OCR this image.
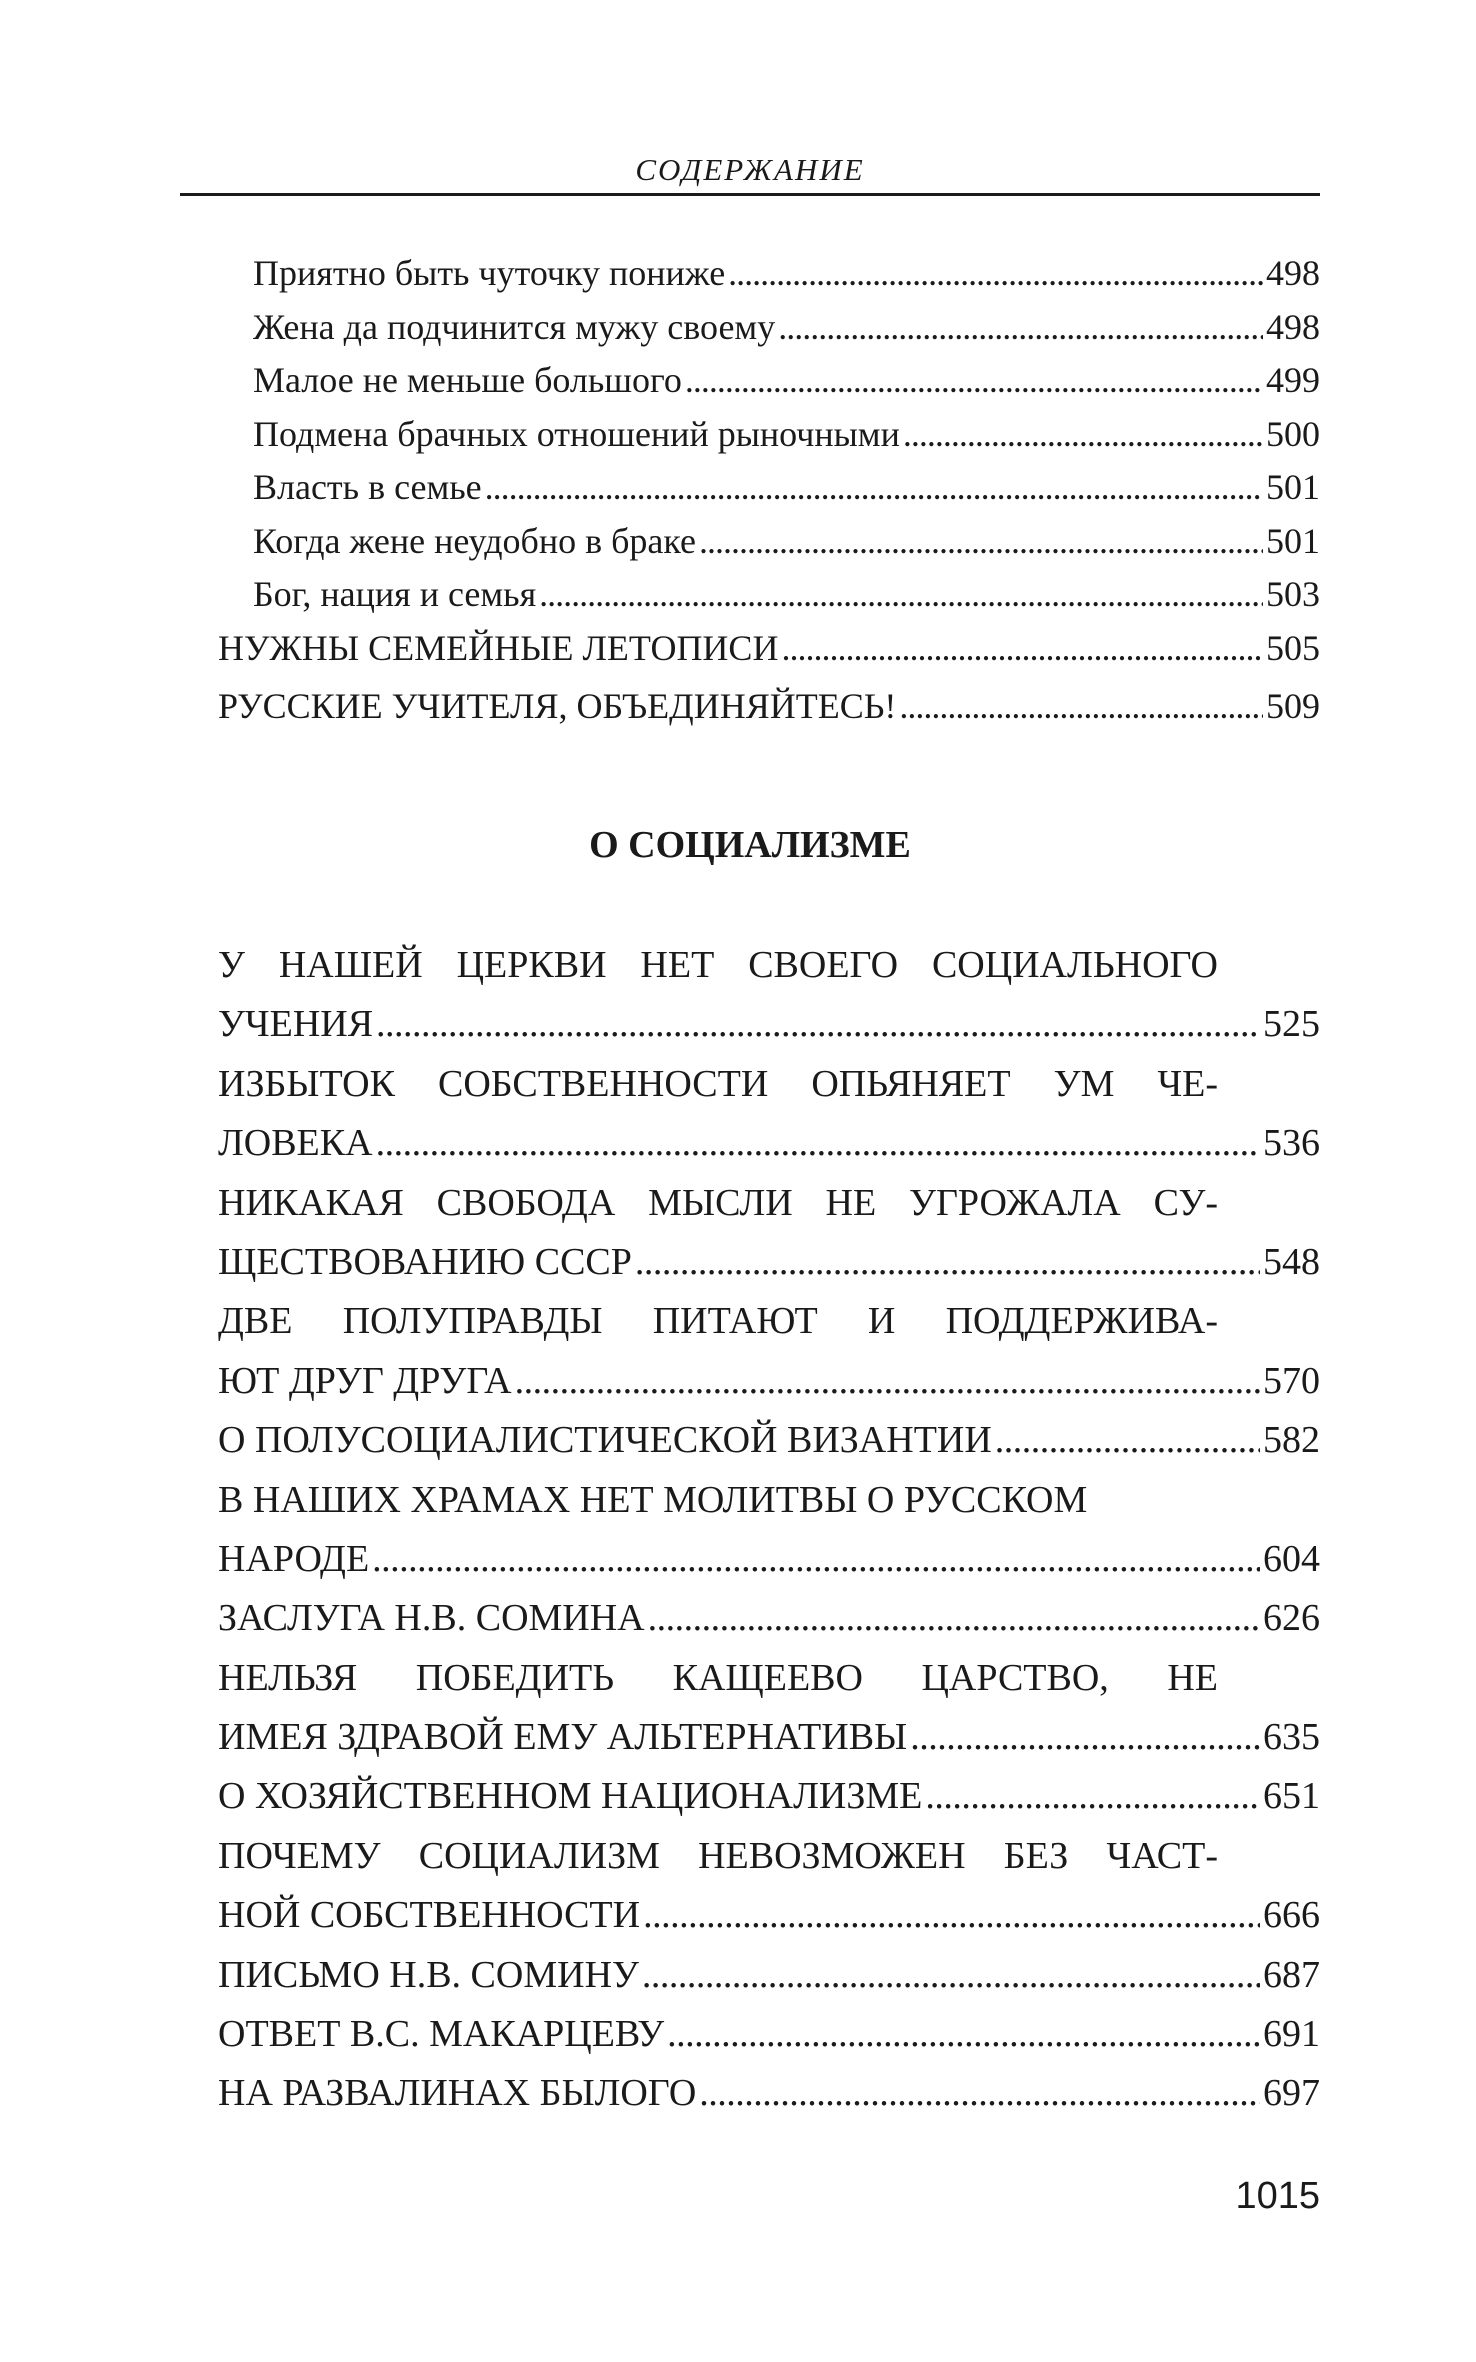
СОДЕРЖАНИЕ
Приятно быть чуточку пониже . . .	498
Жена да подчинится мужу своему . . .	498
Малое не меньше большого . . .	499
Подмена брачных отношений рыночными . . .	500
Власть в семье . . .	501
Когда жене неудобно в браке . . .	501
Бог, нация и семья . . .	503
НУЖНЫ СЕМЕЙНЫЕ ЛЕТОПИСИ . . .	505
РУССКИЕ УЧИТЕЛЯ, ОБЪЕДИНЯЙТЕСЬ! . . .	509
О СОЦИАЛИЗМЕ
У НАШЕЙ ЦЕРКВИ НЕТ СВОЕГО СОЦИАЛЬНОГО
УЧЕНИЯ . . .	525
ИЗБЫТОК СОБСТВЕННОСТИ ОПЬЯНЯЕТ УМ ЧЕ-
ЛОВЕКА . . .	536
НИКАКАЯ СВОБОДА МЫСЛИ НЕ УГРОЖАЛА СУ-
ЩЕСТВОВАНИЮ СССР . . .	548
ДВЕ ПОЛУПРАВДЫ ПИТАЮТ И ПОДДЕРЖИВА-
ЮТ ДРУГ ДРУГА . . .	570
О ПОЛУСОЦИАЛИСТИЧЕСКОЙ ВИЗАНТИИ . . .	582
В НАШИХ ХРАМАХ НЕТ МОЛИТВЫ О РУССКОМ
НАРОДЕ . . .	604
ЗАСЛУГА Н.В. СОМИНА . . .	626
НЕЛЬЗЯ ПОБЕДИТЬ КАЩЕЕВО ЦАРСТВО, НЕ
ИМЕЯ ЗДРАВОЙ ЕМУ АЛЬТЕРНАТИВЫ . . .	635
О ХОЗЯЙСТВЕННОМ НАЦИОНАЛИЗМЕ . . .	651
ПОЧЕМУ СОЦИАЛИЗМ НЕВОЗМОЖЕН БЕЗ ЧАСТ-
НОЙ СОБСТВЕННОСТИ . . .	666
ПИСЬМО Н.В. СОМИНУ . . .	687
ОТВЕТ В.С. МАКАРЦЕВУ . . .	691
НА РАЗВАЛИНАХ БЫЛОГО . . .	697
1015
